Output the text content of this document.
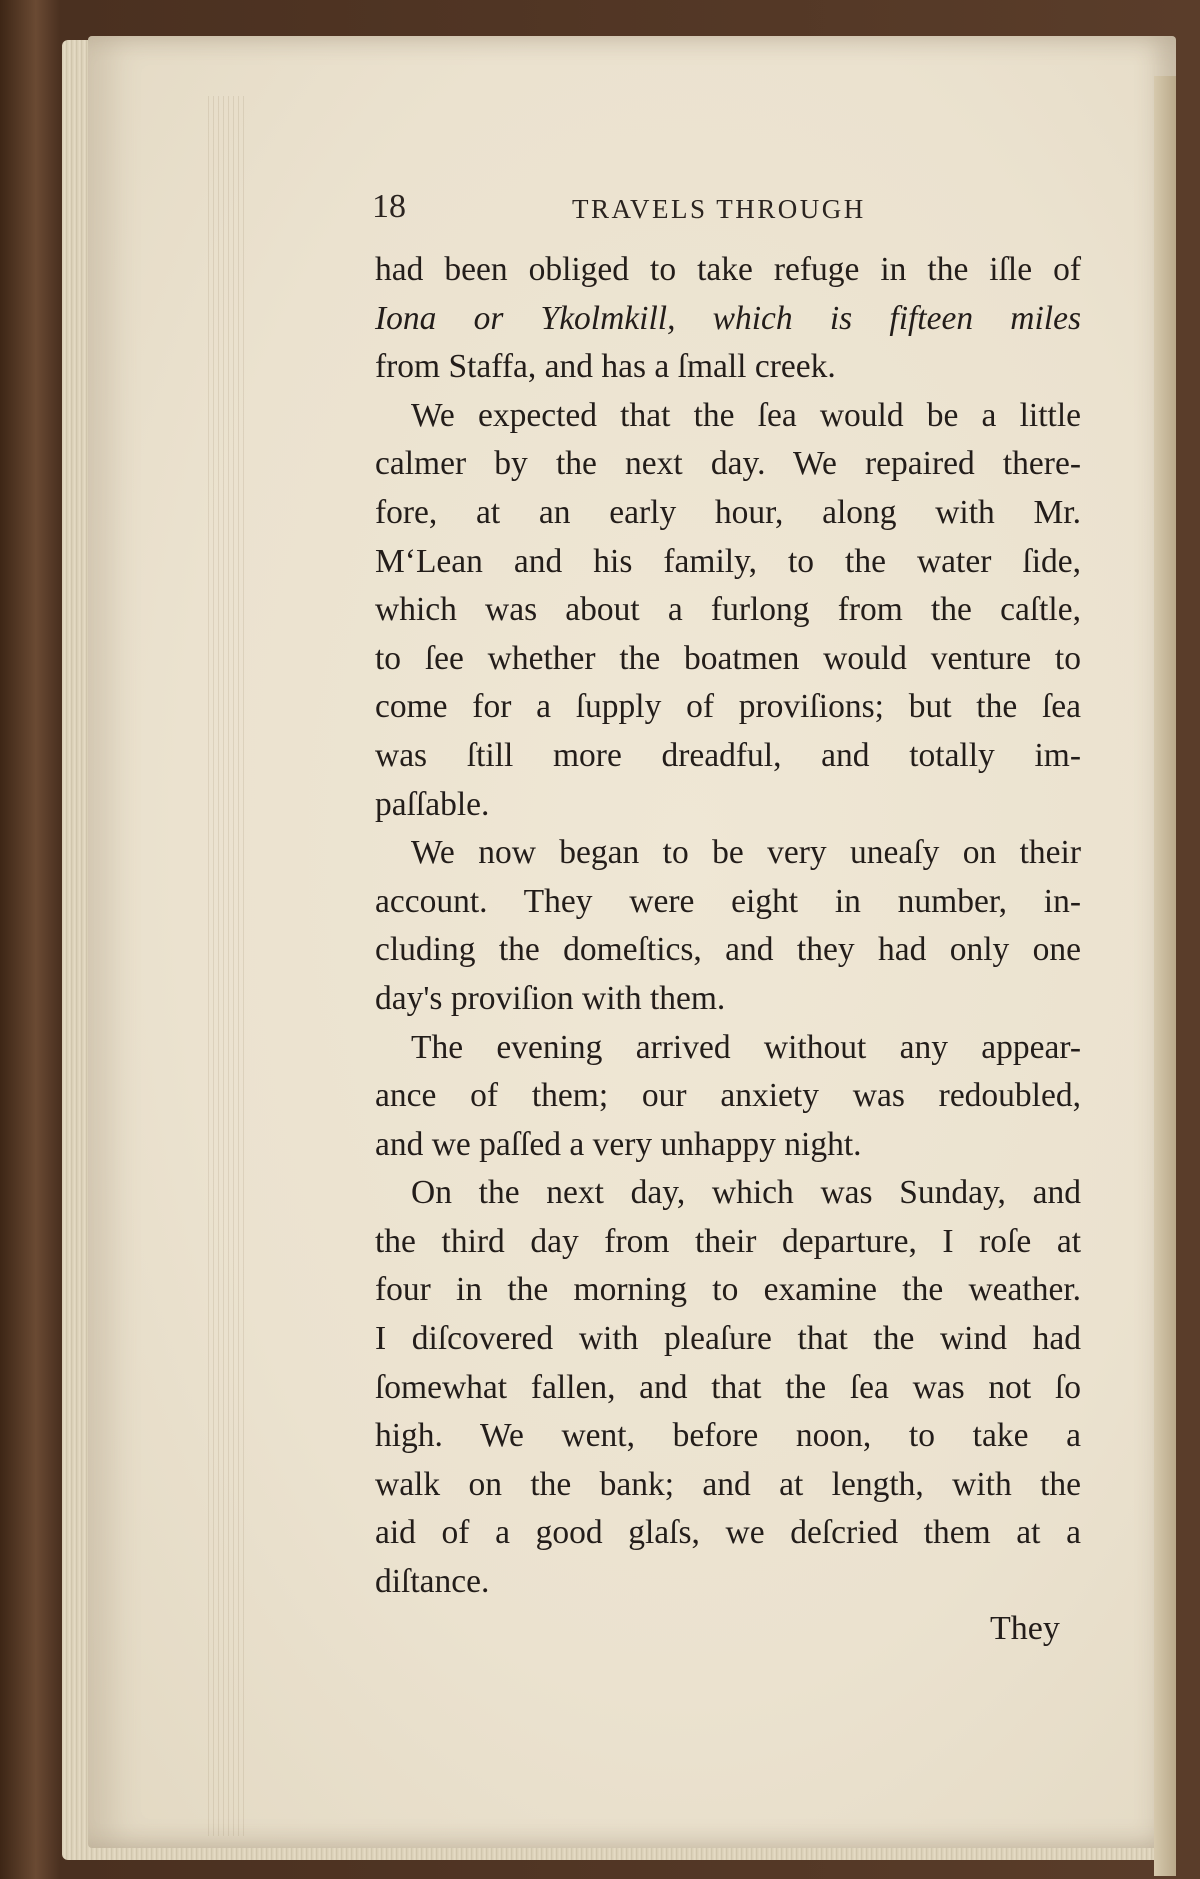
18	TRAVELS THROUGH
had been obliged to take refuge in the iſle of
Iona or Ykolmkill, which is fifteen miles
from Staffa, and has a ſmall creek.
We expected that the ſea would be a little
calmer by the next day. We repaired there-
fore, at an early hour, along with Mr.
M‘Lean and his family, to the water ſide,
which was about a furlong from the caſtle,
to ſee whether the boatmen would venture to
come for a ſupply of proviſions; but the ſea
was ſtill more dreadful, and totally im-
paſſable.
We now began to be very uneaſy on their
account. They were eight in number, in-
cluding the domeſtics, and they had only one
day's proviſion with them.
The evening arrived without any appear-
ance of them; our anxiety was redoubled,
and we paſſed a very unhappy night.
On the next day, which was Sunday, and
the third day from their departure, I roſe at
four in the morning to examine the weather.
I diſcovered with pleaſure that the wind had
ſomewhat fallen, and that the ſea was not ſo
high. We went, before noon, to take a
walk on the bank; and at length, with the
aid of a good glaſs, we deſcried them at a
diſtance.
They
